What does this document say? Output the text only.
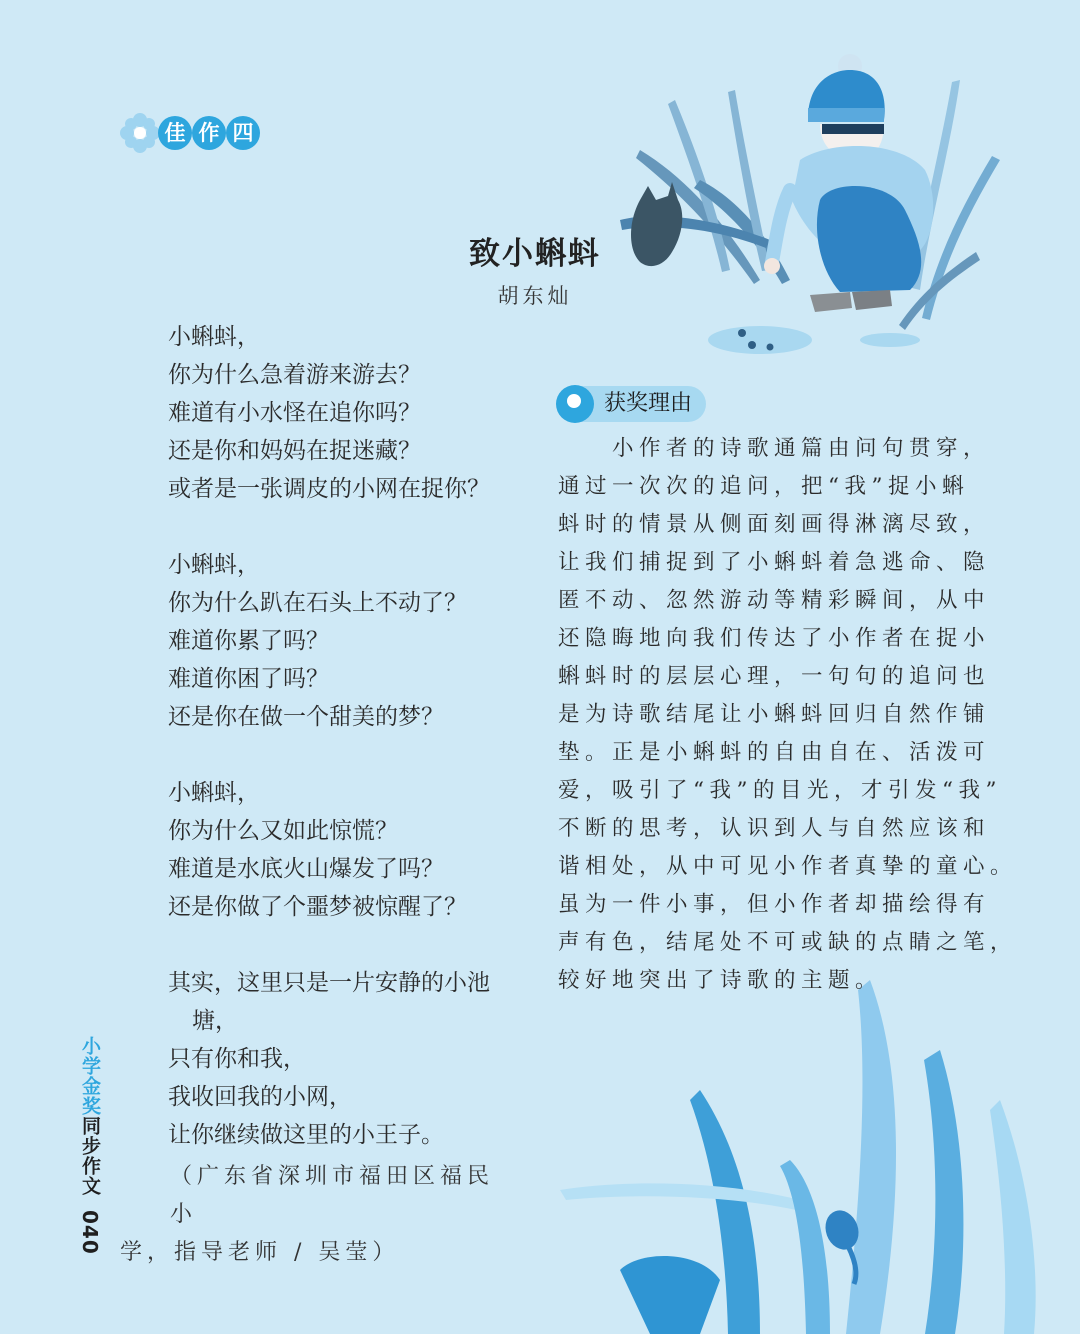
佳 作 四
致小蝌蚪
胡东灿
小蝌蚪，
你为什么急着游来游去？
难道有小水怪在追你吗？
还是你和妈妈在捉迷藏？
或者是一张调皮的小网在捉你？
小蝌蚪，
你为什么趴在石头上不动了？
难道你累了吗？
难道你困了吗？
还是你在做一个甜美的梦？
小蝌蚪，
你为什么又如此惊慌？
难道是水底火山爆发了吗？
还是你做了个噩梦被惊醒了？
其实，这里只是一片安静的小池
塘，
只有你和我，
我收回我的小网，
让你继续做这里的小王子。
（广东省深圳市福田区福民小
学，指导老师 / 吴莹）
获奖理由

　　小作者的诗歌通篇由问句贯穿，

通过一次次的追问，把“我”捉小蝌

蚪时的情景从侧面刻画得淋漓尽致，

让我们捕捉到了小蝌蚪着急逃命、隐

匿不动、忽然游动等精彩瞬间，从中

还隐晦地向我们传达了小作者在捉小

蝌蚪时的层层心理，一句句的追问也

是为诗歌结尾让小蝌蚪回归自然作铺

垫。正是小蝌蚪的自由自在、活泼可

爱，吸引了“我”的目光，才引发“我”

不断的思考，认识到人与自然应该和

谐相处，从中可见小作者真挚的童心。

虽为一件小事，但小作者却描绘得有

声有色，结尾处不可或缺的点睛之笔，

较好地突出了诗歌的主题。

小学金奖同步作文040
